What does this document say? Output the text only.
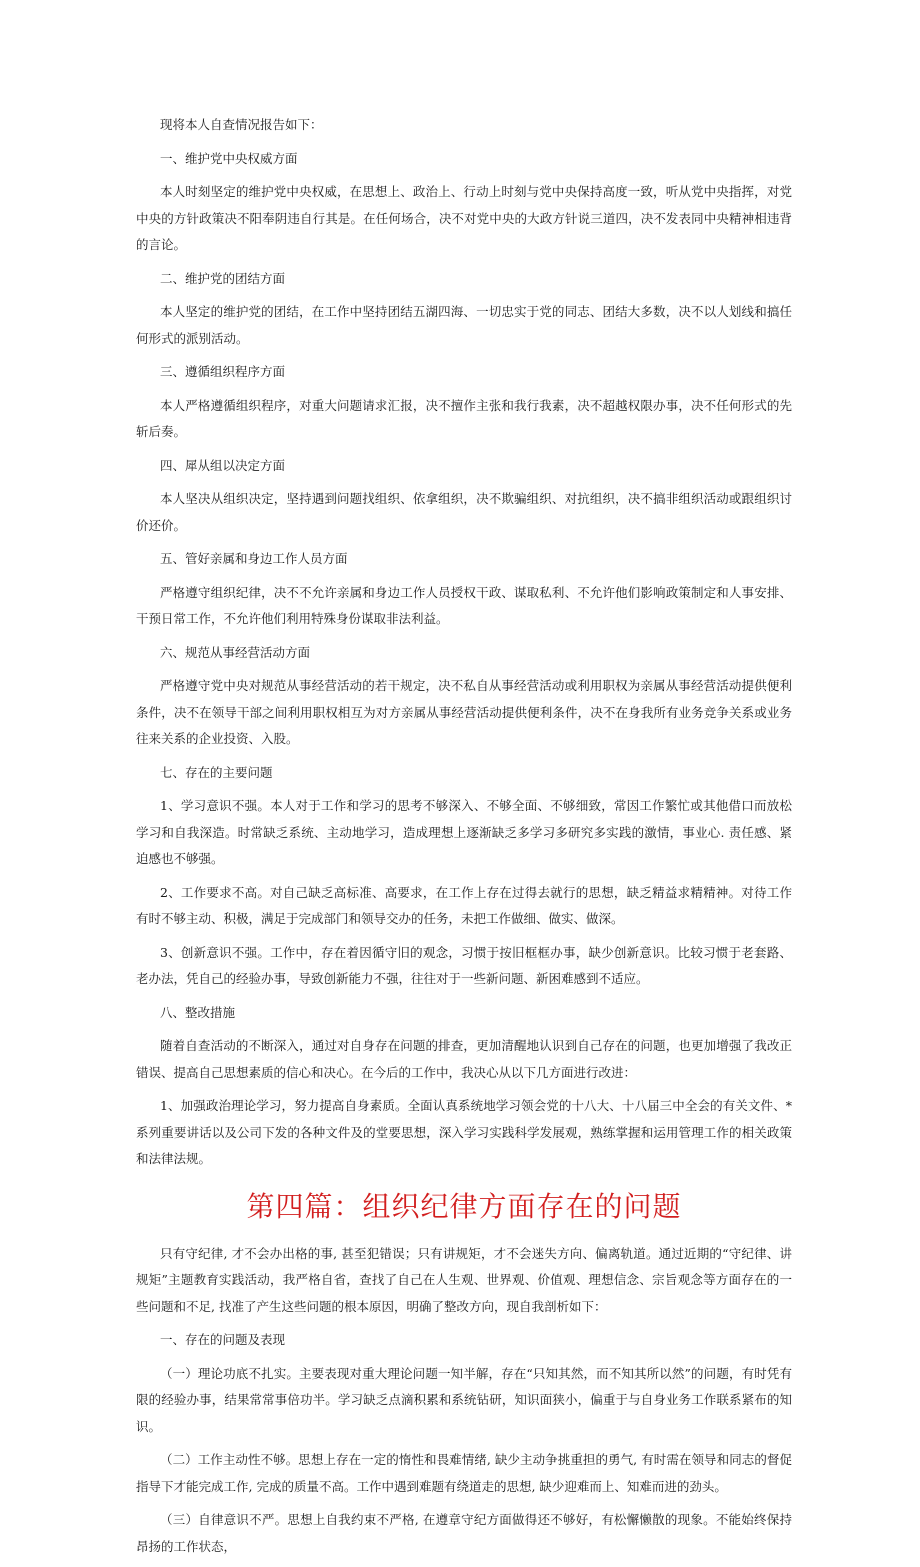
现将本人自查情况报告如下：

一、维护党中央权威方面

本人时刻坚定的维护党中央权威，在思想上、政治上、行动上时刻与党中央保持高度一致，听从党中央指挥，对党中央的方针政策决不阳奉阴违自行其是。在任何场合，决不对党中央的大政方针说三道四，决不发表同中央精神相违背的言论。

二、维护党的团结方面

本人坚定的维护党的团结，在工作中坚持团结五湖四海、一切忠实于党的同志、团结大多数，决不以人划线和搞任何形式的派别活动。

三、遵循组织程序方面

本人严格遵循组织程序，对重大问题请求汇报，决不擅作主张和我行我素，决不超越权限办事，决不任何形式的先斩后奏。

四、犀从组以决定方面

本人坚决从组织决定，坚持遇到问题找组织、依拿组织，决不欺骗组织、对抗组织，决不搞非组织活动或跟组织讨价还价。

五、管好亲属和身边工作人员方面

严格遵守组织纪律，决不不允许亲属和身边工作人员授权干政、谋取私利、不允许他们影响政策制定和人事安排、干预日常工作，不允许他们利用特殊身份谋取非法利益。

六、规范从事经营活动方面

严格遵守党中央对规范从事经营活动的若干规定，决不私自从事经营活动或利用职权为亲属从事经营活动提供便利条件，决不在领导干部之间利用职权相互为对方亲属从事经营活动提供便利条件，决不在身我所有业务竞争关系或业务往来关系的企业投资、入股。

七、存在的主要问题

1、学习意识不强。本人对于工作和学习的思考不够深入、不够全面、不够细致，常因工作繁忙或其他借口而放松学习和自我深造。时常缺乏系统、主动地学习，造成理想上逐渐缺乏多学习多研究多实践的激情，事业心. 责任感、紧迫感也不够强。

2、工作要求不高。对自己缺乏高标准、高要求，在工作上存在过得去就行的思想，缺乏精益求精精神。对待工作有时不够主动、积极，满足于完成部门和领导交办的任务，未把工作做细、做实、做深。

3、创新意识不强。工作中，存在着因循守旧的观念，习惯于按旧框框办事，缺少创新意识。比较习惯于老套路、老办法，凭自己的经验办事，导致创新能力不强，往往对于一些新问题、新困难感到不适应。

八、整改措施

随着自查活动的不断深入，通过对自身存在问题的排查，更加清醒地认识到自己存在的问题，也更加增强了我改正错误、提高自己思想素质的信心和决心。在今后的工作中，我决心从以下几方面进行改进：

1、加强政治理论学习，努力提高自身素质。全面认真系统地学习领会党的十八大、十八届三中全会的有关文件、*系列重要讲话以及公司下发的各种文件及的堂要思想，深入学习实践科学发展观，熟练掌握和运用管理工作的相关政策和法律法规。

第四篇：组织纪律方面存在的问题

只有守纪律, 才不会办出格的事, 甚至犯错误；只有讲规矩，才不会迷失方向、偏离轨道。通过近期的“守纪律、讲规矩”主题教育实践活动，我严格自省，查找了自己在人生观、世界观、价值观、理想信念、宗旨观念等方面存在的一些问题和不足, 找准了产生这些问题的根本原因，明确了整改方向，现自我剖析如下：

一、存在的问题及表现

（一）理论功底不扎实。主要表现对重大理论问题一知半解，存在“只知其然，而不知其所以然”的问题，有时凭有限的经验办事，结果常常事倍功半。学习缺乏点滴积累和系统钻研，知识面狭小，偏重于与自身业务工作联系紧布的知识。

（二）工作主动性不够。思想上存在一定的惰性和畏难情绪, 缺少主动争挑重担的勇气, 有时需在领导和同志的督促指导下才能完成工作, 完成的质量不高。工作中遇到难题有绕道走的思想, 缺少迎难而上、知难而进的劲头。

（三）自律意识不严。思想上自我约束不严格, 在遵章守纪方面做得还不够好，有松懈懒散的现象。不能始终保持昂扬的工作状态，
